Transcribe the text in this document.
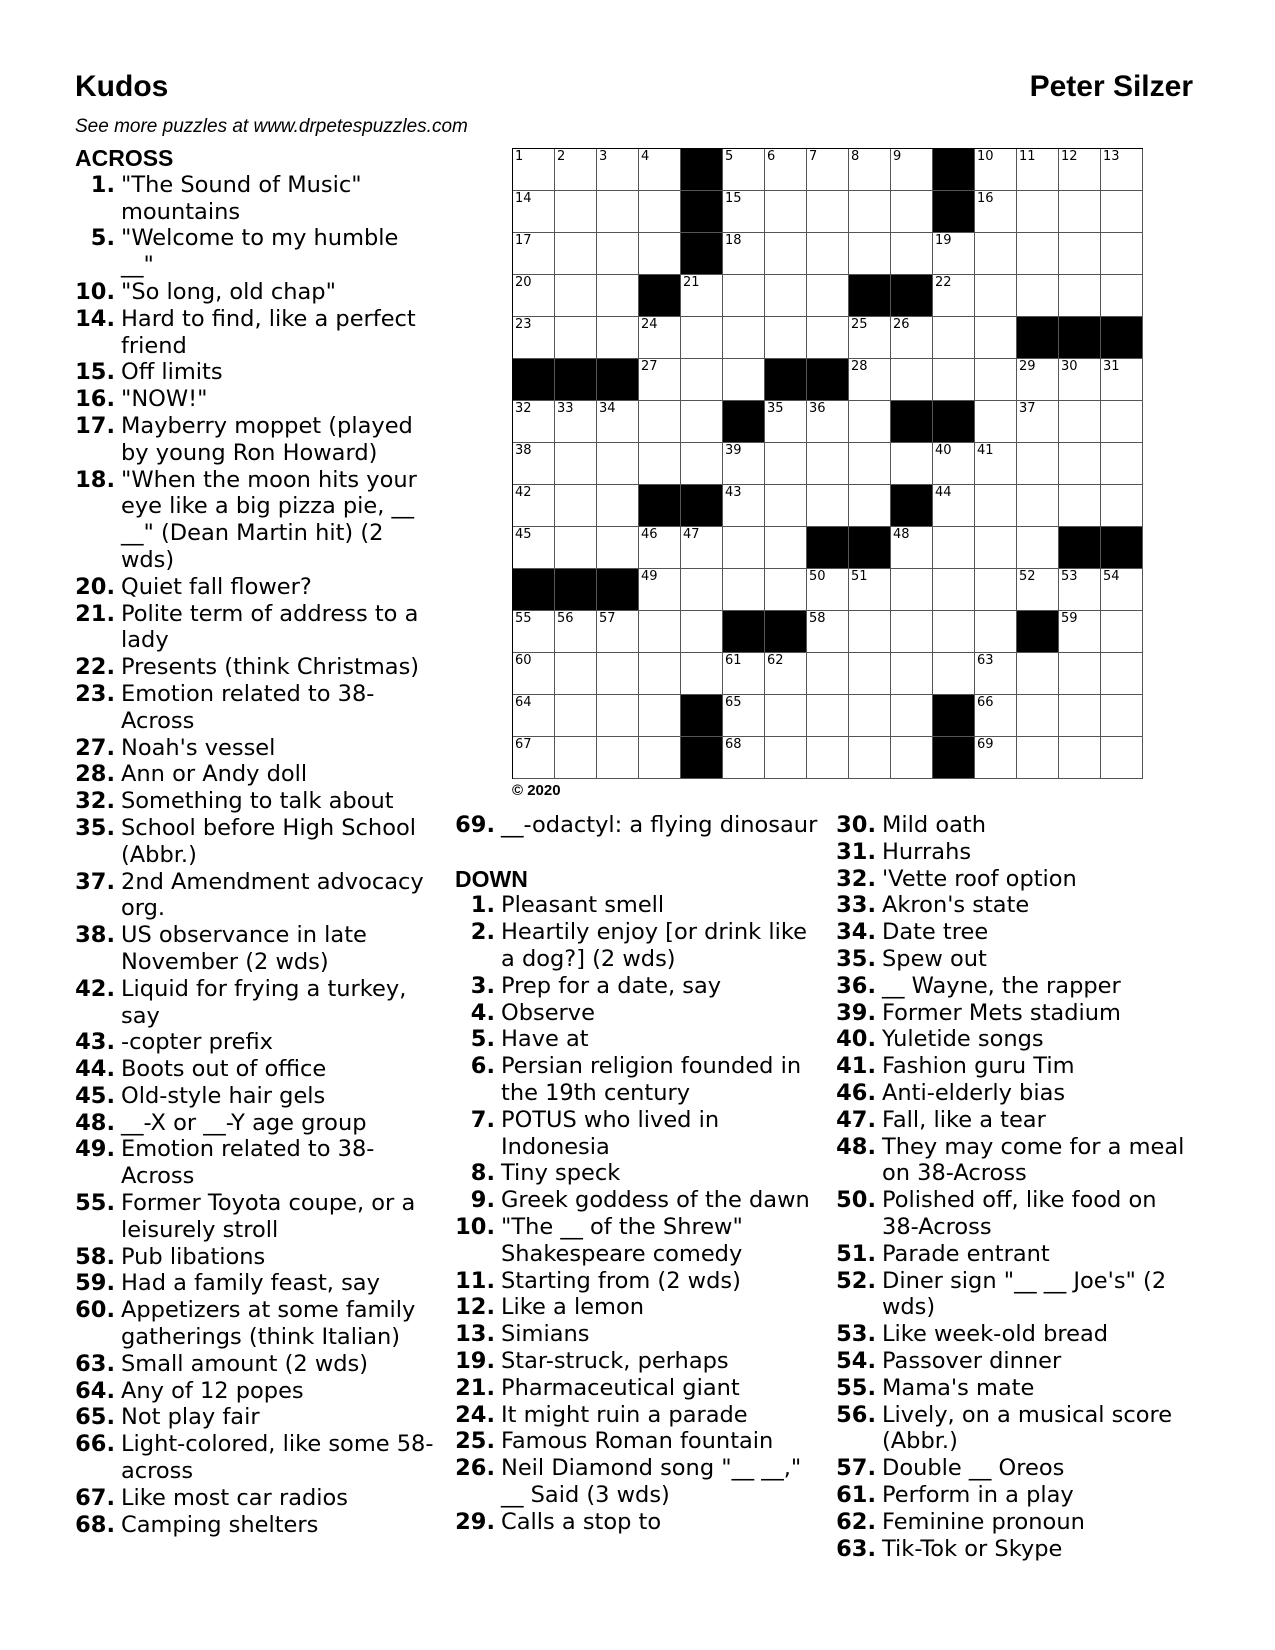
Kudos	Peter Silzer
See more puzzles at www.drpetespuzzles.com
ACROSS
1. "The Sound of Music" mountains
5. "Welcome to my humble __"
10. "So long, old chap"
14. Hard to find, like a perfect friend
15. Off limits
16. "NOW!"
17. Mayberry moppet (played by young Ron Howard)
18. "When the moon hits your eye like a big pizza pie, __ __" (Dean Martin hit) (2 wds)
20. Quiet fall flower?
21. Polite term of address to a lady
22. Presents (think Christmas)
23. Emotion related to 38-Across
27. Noah's vessel
28. Ann or Andy doll
32. Something to talk about
35. School before High School (Abbr.)
37. 2nd Amendment advocacy org.
38. US observance in late November (2 wds)
42. Liquid for frying a turkey, say
43. -copter prefix
44. Boots out of office
45. Old-style hair gels
48. __-X or __-Y age group
49. Emotion related to 38-Across
55. Former Toyota coupe, or a leisurely stroll
58. Pub libations
59. Had a family feast, say
60. Appetizers at some family gatherings (think Italian)
63. Small amount (2 wds)
64. Any of 12 popes
65. Not play fair
66. Light-colored, like some 58-across
67. Like most car radios
68. Camping shelters
1	2	3	4	5	6	7	8	9	10 11 12 13
14	15	16
17	18	19
20	21	22
23	24	25 26
27	28	29 30 31
32 33 34	35 36	37
38	39	40 41
42	43	44
45	46 47	48
49	50 51	52 53 54
55 56 57	58	59
60	61 62	63
64	65	66
67	68	69
© 2020
69. __-odactyl: a flying dinosaur
DOWN
1. Pleasant smell
2. Heartily enjoy [or drink like a dog?] (2 wds)
3. Prep for a date, say
4. Observe
5. Have at
6. Persian religion founded in the 19th century
7. POTUS who lived in Indonesia
8. Tiny speck
9. Greek goddess of the dawn
10. "The __ of the Shrew" Shakespeare comedy
11. Starting from (2 wds)
12. Like a lemon
13. Simians
19. Star-struck, perhaps
21. Pharmaceutical giant
24. It might ruin a parade
25. Famous Roman fountain
26. Neil Diamond song "__ __," __ Said (3 wds)
29. Calls a stop to
30. Mild oath
31. Hurrahs
32. 'Vette roof option
33. Akron's state
34. Date tree
35. Spew out
36. __ Wayne, the rapper
39. Former Mets stadium
40. Yuletide songs
41. Fashion guru Tim
46. Anti-elderly bias
47. Fall, like a tear
48. They may come for a meal on 38-Across
50. Polished off, like food on 38-Across
51. Parade entrant
52. Diner sign "__ __ Joe's" (2 wds)
53. Like week-old bread
54. Passover dinner
55. Mama's mate
56. Lively, on a musical score (Abbr.)
57. Double __ Oreos
61. Perform in a play
62. Feminine pronoun
63. Tik-Tok or Skype
